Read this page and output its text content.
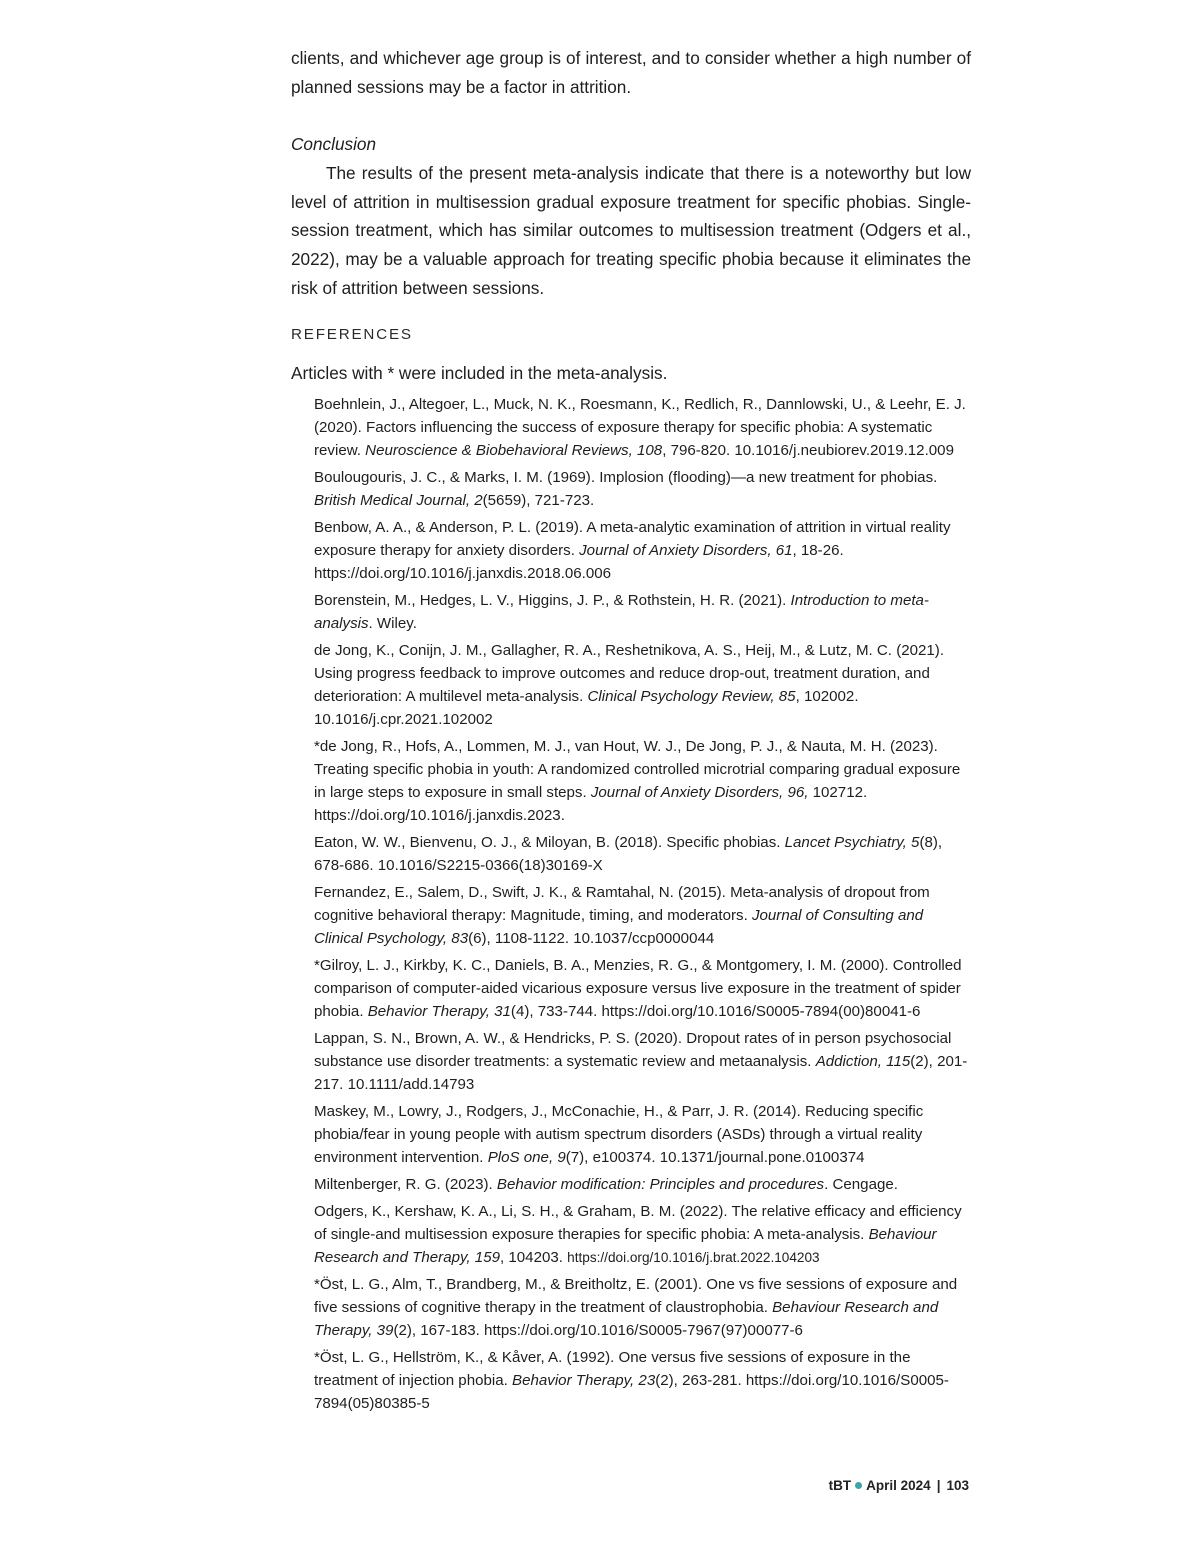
clients, and whichever age group is of interest, and to consider whether a high number of planned sessions may be a factor in attrition.

Conclusion

The results of the present meta-analysis indicate that there is a noteworthy but low level of attrition in multisession gradual exposure treatment for specific phobias. Single-session treatment, which has similar outcomes to multisession treatment (Odgers et al., 2022), may be a valuable approach for treating specific phobia because it eliminates the risk of attrition between sessions.

REFERENCES
Articles with * were included in the meta-analysis.

Boehnlein, J., Altegoer, L., Muck, N. K., Roesmann, K., Redlich, R., Dannlowski, U., & Leehr, E. J. (2020). Factors influencing the success of exposure therapy for specific phobia: A systematic review. Neuroscience & Biobehavioral Reviews, 108, 796-820. 10.1016/j.neubiorev.2019.12.009

Boulougouris, J. C., & Marks, I. M. (1969). Implosion (flooding)—a new treatment for phobias. British Medical Journal, 2(5659), 721-723.

Benbow, A. A., & Anderson, P. L. (2019). A meta-analytic examination of attrition in virtual reality exposure therapy for anxiety disorders. Journal of Anxiety Disorders, 61, 18-26. https://doi.org/10.1016/j.janxdis.2018.06.006

Borenstein, M., Hedges, L. V., Higgins, J. P., & Rothstein, H. R. (2021). Introduction to meta-analysis. Wiley.

de Jong, K., Conijn, J. M., Gallagher, R. A., Reshetnikova, A. S., Heij, M., & Lutz, M. C. (2021). Using progress feedback to improve outcomes and reduce drop-out, treatment duration, and deterioration: A multilevel meta-analysis. Clinical Psychology Review, 85, 102002. 10.1016/j.cpr.2021.102002

*de Jong, R., Hofs, A., Lommen, M. J., van Hout, W. J., De Jong, P. J., & Nauta, M. H. (2023). Treating specific phobia in youth: A randomized controlled microtrial comparing gradual exposure in large steps to exposure in small steps. Journal of Anxiety Disorders, 96, 102712. https://doi.org/10.1016/j.janxdis.2023.

Eaton, W. W., Bienvenu, O. J., & Miloyan, B. (2018). Specific phobias. Lancet Psychiatry, 5(8), 678-686. 10.1016/S2215-0366(18)30169-X

Fernandez, E., Salem, D., Swift, J. K., & Ramtahal, N. (2015). Meta-analysis of dropout from cognitive behavioral therapy: Magnitude, timing, and moderators. Journal of Consulting and Clinical Psychology, 83(6), 1108-1122. 10.1037/ccp0000044

*Gilroy, L. J., Kirkby, K. C., Daniels, B. A., Menzies, R. G., & Montgomery, I. M. (2000). Controlled comparison of computer-aided vicarious exposure versus live exposure in the treatment of spider phobia. Behavior Therapy, 31(4), 733-744. https://doi.org/10.1016/S0005-7894(00)80041-6

Lappan, S. N., Brown, A. W., & Hendricks, P. S. (2020). Dropout rates of in person psychosocial substance use disorder treatments: a systematic review and metaanalysis. Addiction, 115(2), 201-217. 10.1111/add.14793

Maskey, M., Lowry, J., Rodgers, J., McConachie, H., & Parr, J. R. (2014). Reducing specific phobia/fear in young people with autism spectrum disorders (ASDs) through a virtual reality environment intervention. PloS one, 9(7), e100374. 10.1371/journal.pone.0100374

Miltenberger, R. G. (2023). Behavior modification: Principles and procedures. Cengage.

Odgers, K., Kershaw, K. A., Li, S. H., & Graham, B. M. (2022). The relative efficacy and efficiency of single-and multisession exposure therapies for specific phobia: A meta-analysis. Behaviour Research and Therapy, 159, 104203. https://doi.org/10.1016/j.brat.2022.104203

*Öst, L. G., Alm, T., Brandberg, M., & Breitholtz, E. (2001). One vs five sessions of exposure and five sessions of cognitive therapy in the treatment of claustrophobia. Behaviour Research and Therapy, 39(2), 167-183. https://doi.org/10.1016/S0005-7967(97)00077-6

*Öst, L. G., Hellström, K., & Kåver, A. (1992). One versus five sessions of exposure in the treatment of injection phobia. Behavior Therapy, 23(2), 263-281. https://doi.org/10.1016/S0005-7894(05)80385-5

tBT April 2024 | 103
